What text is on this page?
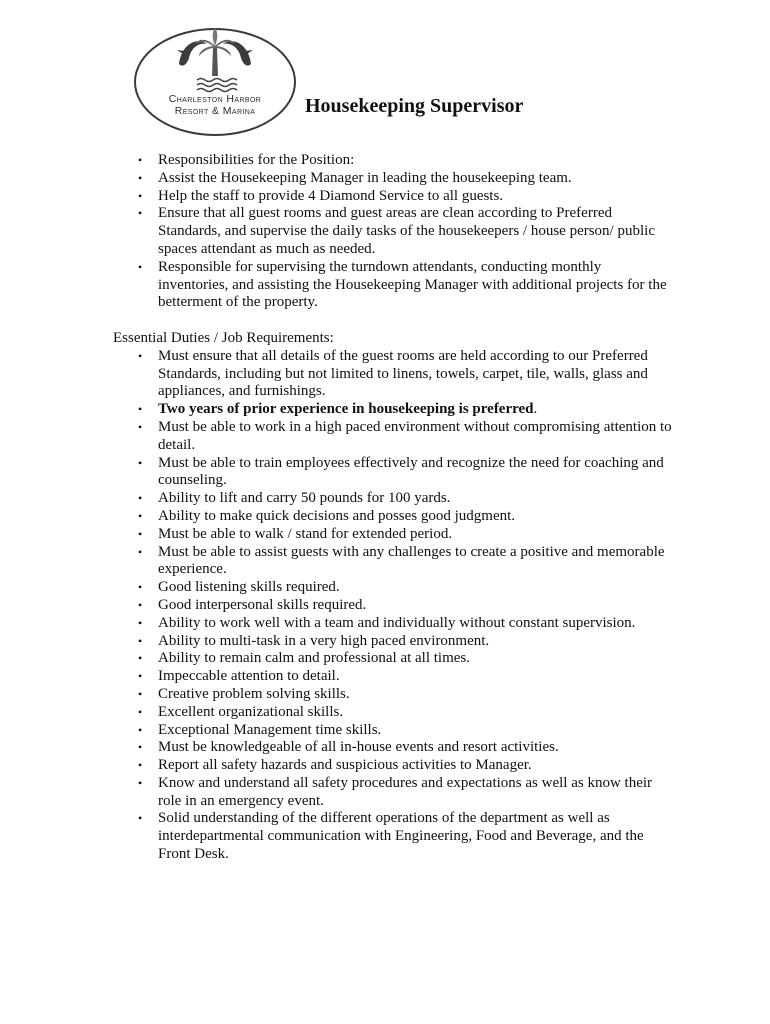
Charleston Harbor
Resort & Marina	Housekeeping Supervisor
• Responsibilities for the Position:
• Assist the Housekeeping Manager in leading the housekeeping team.
• Help the staff to provide 4 Diamond Service to all guests.
• Ensure that all guest rooms and guest areas are clean according to Preferred Standards, and supervise the daily tasks of the housekeepers / house person/ public spaces attendant as much as needed.
• Responsible for supervising the turndown attendants, conducting monthly inventories, and assisting the Housekeeping Manager with additional projects for the betterment of the property.

Essential Duties / Job Requirements:

• Must ensure that all details of the guest rooms are held according to our Preferred Standards, including but not limited to linens, towels, carpet, tile, walls, glass and appliances, and furnishings.
• Two years of prior experience in housekeeping is preferred.
• Must be able to work in a high paced environment without compromising attention to detail.
• Must be able to train employees effectively and recognize the need for coaching and counseling.
• Ability to lift and carry 50 pounds for 100 yards.
• Ability to make quick decisions and posses good judgment.
• Must be able to walk / stand for extended period.
• Must be able to assist guests with any challenges to create a positive and memorable experience.
• Good listening skills required.
• Good interpersonal skills required.
• Ability to work well with a team and individually without constant supervision.
• Ability to multi-task in a very high paced environment.
• Ability to remain calm and professional at all times.
• Impeccable attention to detail.
• Creative problem solving skills.
• Excellent organizational skills.
• Exceptional Management time skills.
• Must be knowledgeable of all in-house events and resort activities.
• Report all safety hazards and suspicious activities to Manager.
• Know and understand all safety procedures and expectations as well as know their role in an emergency event.
• Solid understanding of the different operations of the department as well as interdepartmental communication with Engineering, Food and Beverage, and the Front Desk.
